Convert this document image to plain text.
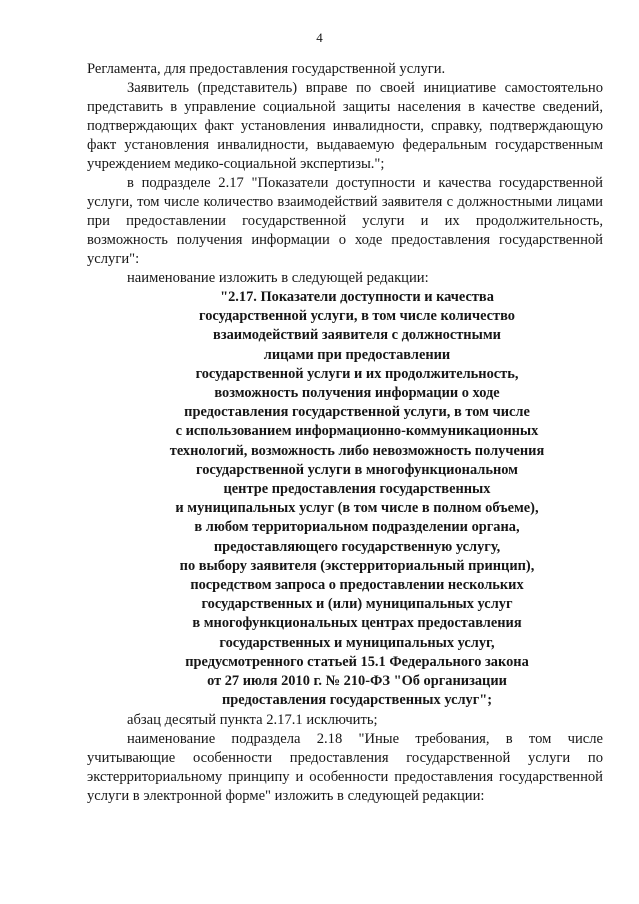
4

Регламента, для предоставления государственной услуги.

Заявитель (представитель) вправе по своей инициативе самостоятельно представить в управление социальной защиты населения в качестве сведений, подтверждающих факт установления инвалидности, справку, подтверждающую факт установления инвалидности, выдаваемую федеральным государственным учреждением медико-социальной экспертизы.";

в подразделе 2.17 "Показатели доступности и качества государственной услуги, том числе количество взаимодействий заявителя с должностными лицами при предоставлении государственной услуги и их продолжительность, возможность получения информации о ходе предоставления государственной услуги":

наименование изложить в следующей редакции:

"2.17. Показатели доступности и качества
государственной услуги, в том числе количество
взаимодействий заявителя с должностными
лицами при предоставлении
государственной услуги и их продолжительность,
возможность получения информации о ходе
предоставления государственной услуги, в том числе
с использованием информационно-коммуникационных
технологий, возможность либо невозможность получения
государственной услуги в многофункциональном
центре предоставления государственных
и муниципальных услуг (в том числе в полном объеме),
в любом территориальном подразделении органа,
предоставляющего государственную услугу,
по выбору заявителя (экстерриториальный принцип),
посредством запроса о предоставлении нескольких
государственных и (или) муниципальных услуг
в многофункциональных центрах предоставления
государственных и муниципальных услуг,
предусмотренного статьей 15.1 Федерального закона
от 27 июля 2010 г. № 210-ФЗ "Об организации
предоставления государственных услуг";

абзац десятый пункта 2.17.1 исключить;

наименование подраздела 2.18 "Иные требования, в том числе учитывающие особенности предоставления государственной услуги по экстерриториальному принципу и особенности предоставления государственной услуги в электронной форме" изложить в следующей редакции:
